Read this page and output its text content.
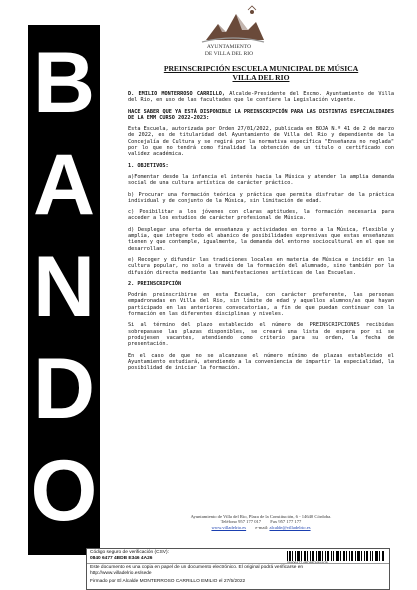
B
A
N
D
O
AYUNTAMIENTO
DE VILLA DEL RIO
PREINSCRIPCIÓN ESCUELA MUNICIPAL DE MÚSICA
VILLA DEL RIO

D. EMILIO MONTERROSO CARRILLO, Alcalde-Presidente del Excmo. Ayuntamiento de Villa del Rio, en uso de las facultades que le confiere la Legislación vigente.

HACE SABER QUE YA ESTÁ DISPONIBLE LA PREINSCRIPCIÓN PARA LAS DISTINTAS ESPECIALIDADES DE LA EMM CURSO 2022-2023:

Esta Escuela, autorizada por Orden 27/01/2022, publicada en BOJA N.º 41 de 2 de marzo de 2022, es de titularidad del Ayuntamiento de Villa del Rio y dependiente de la Concejalía de Cultura y se regirá por la normativa específica "Enseñanza no reglada" por lo que no tendrá como finalidad la obtención de un título o certificado con validez académica.

1. OBJETIVOS:

a)Fomentar desde la infancia el interés hacia la Música y atender la amplia demanda social de una cultura artística de carácter práctico.

b) Procurar una formación teórica y práctica que permita disfrutar de la práctica individual y de conjunto de la Música, sin limitación de edad.

c) Posibilitar a los jóvenes con claras aptitudes, la formación necesaria para acceder a los estudios de carácter profesional de Música.

d) Desplegar una oferta de enseñanza y actividades en torno a la Música, flexible y amplia, que integre todo el abanico de posibilidades expresivas que estas enseñanzas tienen y que contemple, igualmente, la demanda del entorno sociocultural en el que se desarrollan.

e) Recoger y difundir las tradiciones locales en materia de Música e incidir en la cultura popular, no solo a través de la formación del alumnado, sino también por la difusión directa mediante las manifestaciones artísticas de las Escuelas.

2. PREINSCRIPCIÓN

Podrán preinscribirse en esta Escuela, con carácter preferente, las personas empadronadas en Villa del Rio, sin límite de edad y aquellos alumnos/as que hayan participado en las anteriores convocatorias, a fin de que puedan continuar con la formación en las diferentes disciplinas y niveles.

Si al término del plazo establecido el número de PREINSCRIPCIONES recibidas sobrepasase las plazas disponibles, se creará una lista de espera por si se produjesen vacantes, atendiendo como criterio para su orden, la fecha de presentación.

En el caso de que no se alcanzase el número mínimo de plazas establecido el Ayuntamiento estudiará, atendiendo a la conveniencia de impartir la especialidad, la posibilidad de iniciar la formación.

Ayuntamiento de Villa del Rio, Plaza de la Constitución, 6 - 14640 Córdoba.
Teléfono 957 177 017 Fax 957 177 177
www.villadelrio.es e-mail: alcalde@villadelrio.es
Código seguro de verificación (CSV):
0840 6477 4BDB E346 4A26
08406477 4BDBE3464A26
Este documento es una copia en papel de un documento electrónico. El original podrá verificarse en
http://www.villadelrio.es/sede
Firmado por El Alcalde MONTERROSO CARRILLO EMILIO el 27/5/2022
